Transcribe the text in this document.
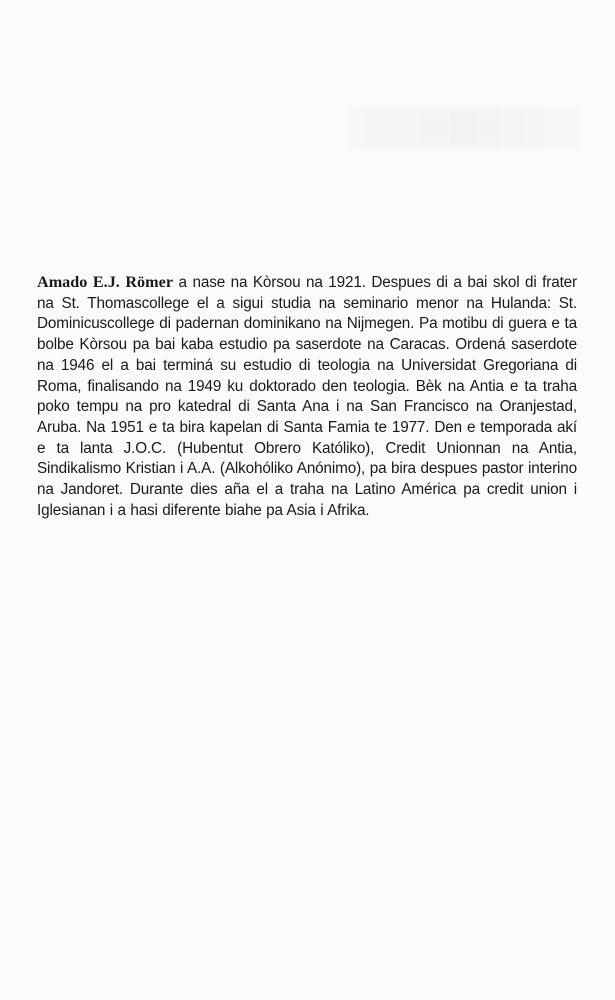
Amado E.J. Römer a nase na Kòrsou na 1921. Despues di a bai skol di frater na St. Thomascollege el a sigui studia na seminario menor na Hulanda: St. Dominicuscollege di padernan dominikano na Nijmegen. Pa motibu di guera e ta bolbe Kòrsou pa bai kaba estudio pa saserdote na Caracas. Ordená saserdote na 1946 el a bai terminá su estudio di teologia na Universidat Gregoriana di Roma, finalisando na 1949 ku doktorado den teologia. Bèk na Antia e ta traha poko tempu na pro katedral di Santa Ana i na San Francisco na Oranjestad, Aruba. Na 1951 e ta bira kapelan di Santa Famia te 1977. Den e temporada akí e ta lanta J.O.C. (Hubentut Obrero Katóliko), Credit Unionnan na Antia, Sindikalismo Kristian i A.A. (Alkohóliko Anónimo), pa bira despues pastor interino na Jandoret. Durante dies aña el a traha na Latino América pa credit union i Iglesianan i a hasi diferente biahe pa Asia i Afrika.
